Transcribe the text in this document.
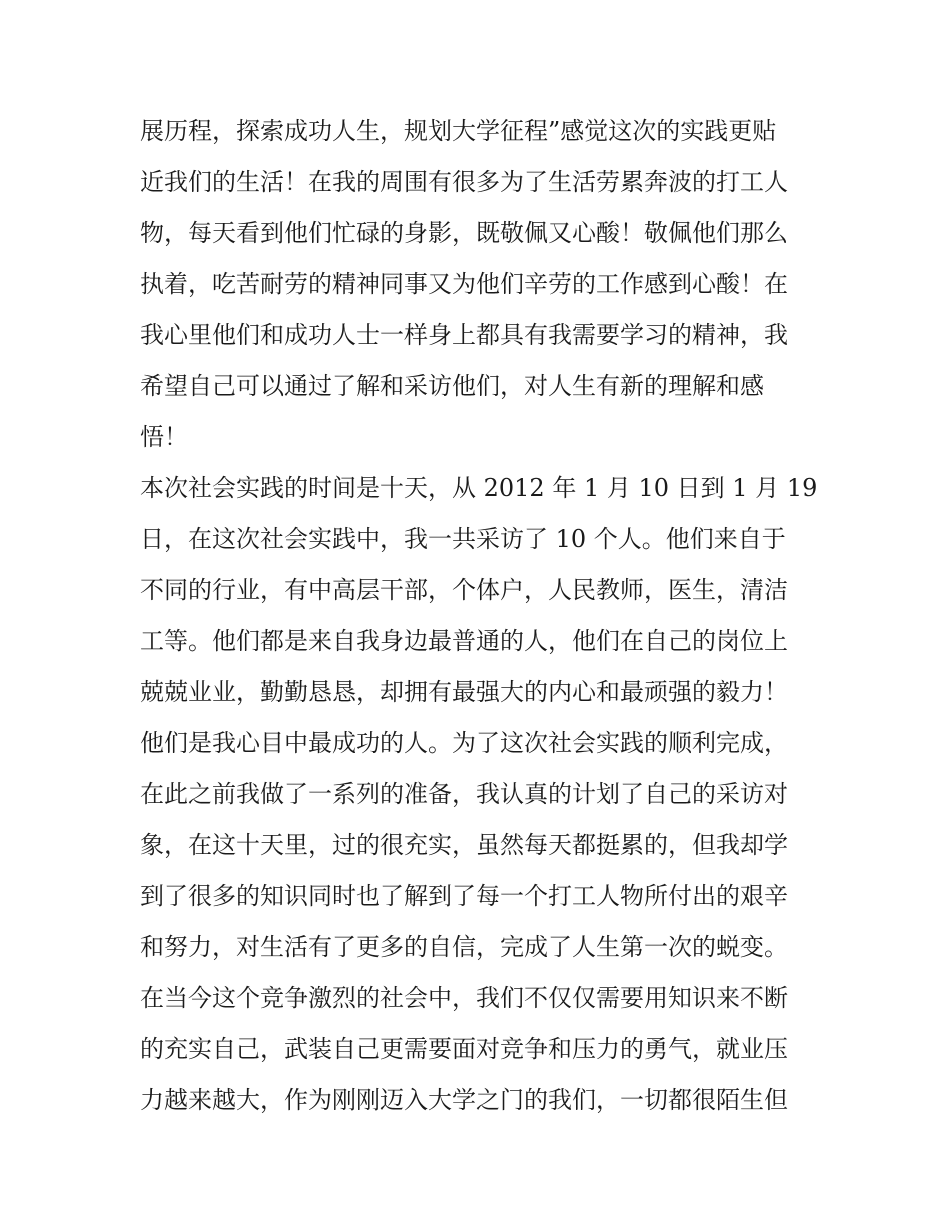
展历程，探索成功人生，规划大学征程”感觉这次的实践更贴
近我们的生活！在我的周围有很多为了生活劳累奔波的打工人
物，每天看到他们忙碌的身影，既敬佩又心酸！敬佩他们那么
执着，吃苦耐劳的精神同事又为他们辛劳的工作感到心酸！在
我心里他们和成功人士一样身上都具有我需要学习的精神，我
希望自己可以通过了解和采访他们，对人生有新的理解和感
悟！
本次社会实践的时间是十天，从 2012 年 1 月 10 日到 1 月 19
日，在这次社会实践中，我一共采访了 10 个人。他们来自于
不同的行业，有中高层干部，个体户，人民教师，医生，清洁
工等。他们都是来自我身边最普通的人，他们在自己的岗位上
兢兢业业，勤勤恳恳，却拥有最强大的内心和最顽强的毅力！
他们是我心目中最成功的人。为了这次社会实践的顺利完成，
在此之前我做了一系列的准备，我认真的计划了自己的采访对
象，在这十天里，过的很充实，虽然每天都挺累的，但我却学
到了很多的知识同时也了解到了每一个打工人物所付出的艰辛
和努力，对生活有了更多的自信，完成了人生第一次的蜕变。
在当今这个竞争激烈的社会中，我们不仅仅需要用知识来不断
的充实自己，武装自己更需要面对竞争和压力的勇气，就业压
力越来越大，作为刚刚迈入大学之门的我们，一切都很陌生但
